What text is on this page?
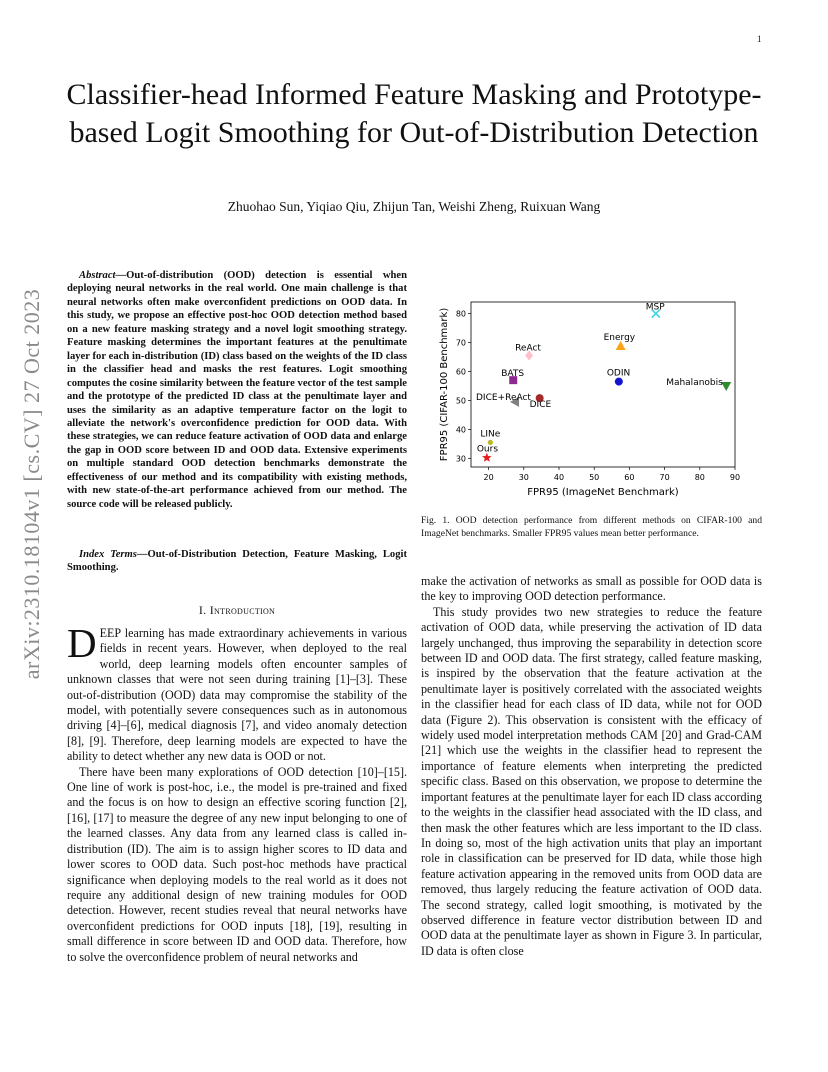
1
arXiv:2310.18104v1 [cs.CV] 27 Oct 2023
Classifier-head Informed Feature Masking and Prototype-based Logit Smoothing for Out-of-Distribution Detection
Zhuohao Sun, Yiqiao Qiu, Zhijun Tan, Weishi Zheng, Ruixuan Wang
Abstract—Out-of-distribution (OOD) detection is essential when deploying neural networks in the real world. One main challenge is that neural networks often make overconfident predictions on OOD data. In this study, we propose an effective post-hoc OOD detection method based on a new feature masking strategy and a novel logit smoothing strategy. Feature masking determines the important features at the penultimate layer for each in-distribution (ID) class based on the weights of the ID class in the classifier head and masks the rest features. Logit smoothing computes the cosine similarity between the feature vector of the test sample and the prototype of the predicted ID class at the penultimate layer and uses the similarity as an adaptive temperature factor on the logit to alleviate the network's overconfidence prediction for OOD data. With these strategies, we can reduce feature activation of OOD data and enlarge the gap in OOD score between ID and OOD data. Extensive experiments on multiple standard OOD detection benchmarks demonstrate the effectiveness of our method and its compatibility with existing methods, with new state-of-the-art performance achieved from our method. The source code will be released publicly.
Index Terms—Out-of-Distribution Detection, Feature Masking, Logit Smoothing.
I. Introduction

DEEP learning has made extraordinary achievements in various fields in recent years. However, when deployed to the real world, deep learning models often encounter samples of unknown classes that were not seen during training [1]–[3]. These out-of-distribution (OOD) data may compromise the stability of the model, with potentially severe consequences such as in autonomous driving [4]–[6], medical diagnosis [7], and video anomaly detection [8], [9]. Therefore, deep learning models are expected to have the ability to detect whether any new data is OOD or not.

There have been many explorations of OOD detection [10]–[15]. One line of work is post-hoc, i.e., the model is pre-trained and fixed and the focus is on how to design an effective scoring function [2], [16], [17] to measure the degree of any new input belonging to one of the learned classes. Any data from any learned class is called in-distribution (ID). The aim is to assign higher scores to ID data and lower scores to OOD data. Such post-hoc methods have practical significance when deploying models to the real world as it does not require any additional design of new training modules for OOD detection. However, recent studies reveal that neural networks have overconfident predictions for OOD inputs [18], [19], resulting in small difference in score between ID and OOD data. Therefore, how to solve the overconfidence problem of neural networks and

20	30	40	50	60	70	80	90
30
40
50
60
70
80
FPR95 (ImageNet Benchmark)
FPR95 (CIFAR-100 Benchmark)
MSP
Energy
ReAct
BATS	ODIN
Mahalanobis
DICE+ReAct
DICE
LINe
Ours
Fig. 1. OOD detection performance from different methods on CIFAR-100 and ImageNet benchmarks. Smaller FPR95 values mean better performance.

make the activation of networks as small as possible for OOD data is the key to improving OOD detection performance.

This study provides two new strategies to reduce the feature activation of OOD data, while preserving the activation of ID data largely unchanged, thus improving the separability in detection score between ID and OOD data. The first strategy, called feature masking, is inspired by the observation that the feature activation at the penultimate layer is positively correlated with the associated weights in the classifier head for each class of ID data, while not for OOD data (Figure 2). This observation is consistent with the efficacy of widely used model interpretation methods CAM [20] and Grad-CAM [21] which use the weights in the classifier head to represent the importance of feature elements when interpreting the predicted specific class. Based on this observation, we propose to determine the important features at the penultimate layer for each ID class according to the weights in the classifier head associated with the ID class, and then mask the other features which are less important to the ID class. In doing so, most of the high activation units that play an important role in classification can be preserved for ID data, while those high feature activation appearing in the removed units from OOD data are removed, thus largely reducing the feature activation of OOD data. The second strategy, called logit smoothing, is motivated by the observed difference in feature vector distribution between ID and OOD data at the penultimate layer as shown in Figure 3. In particular, ID data is often close
